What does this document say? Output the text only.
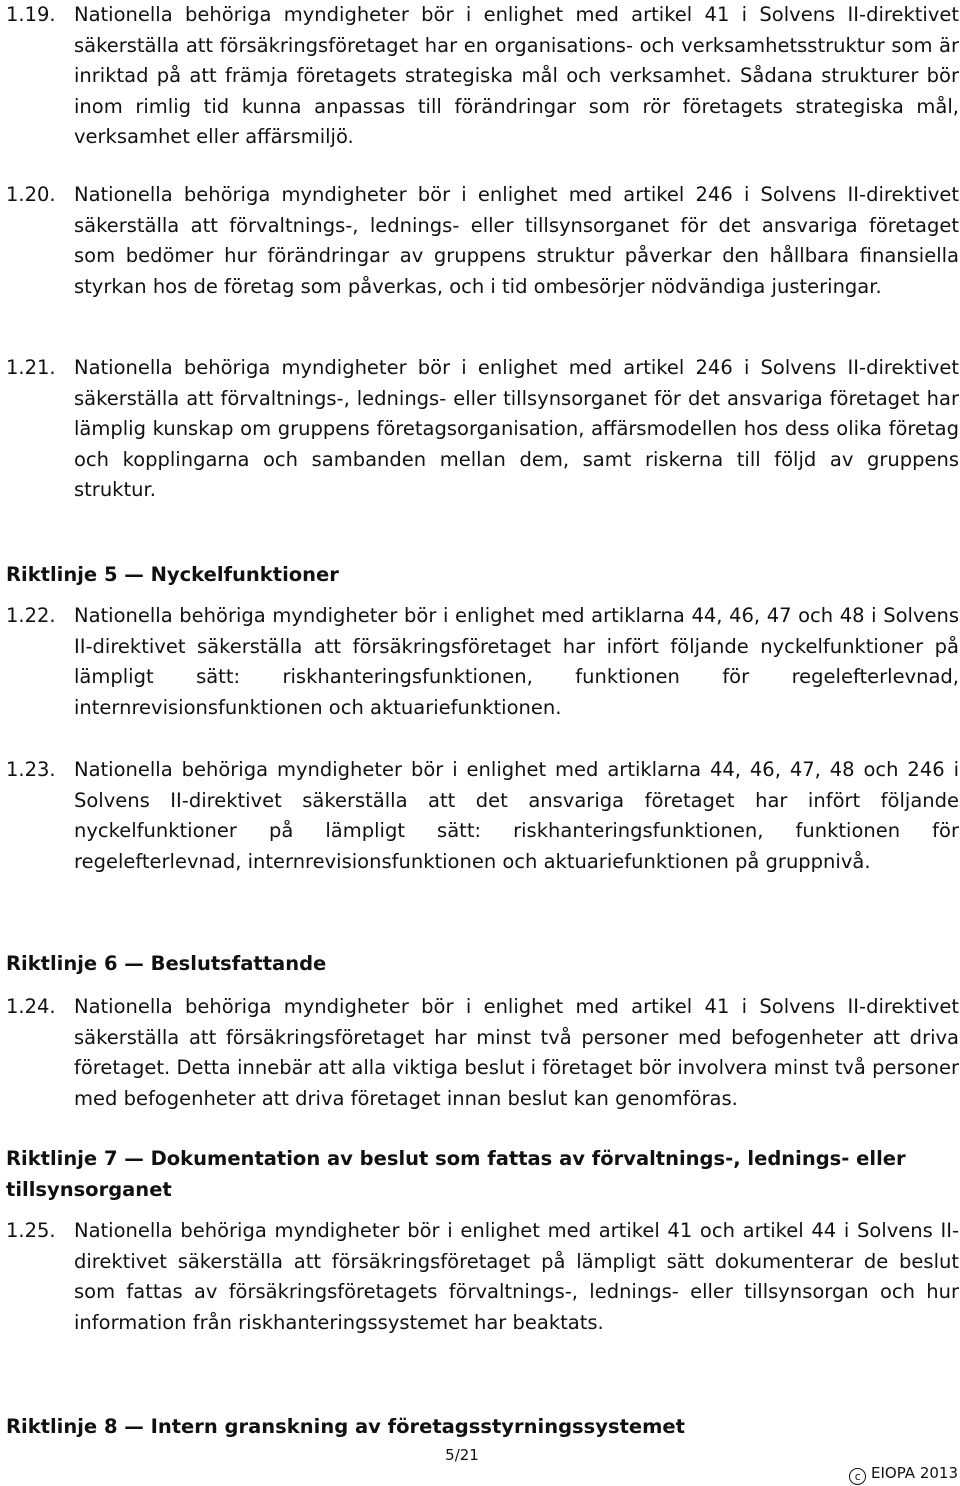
1.19. Nationella behöriga myndigheter bör i enlighet med artikel 41 i Solvens II-direktivet säkerställa att försäkringsföretaget har en organisations- och verksamhetsstruktur som är inriktad på att främja företagets strategiska mål och verksamhet. Sådana strukturer bör inom rimlig tid kunna anpassas till förändringar som rör företagets strategiska mål, verksamhet eller affärsmiljö.
1.20. Nationella behöriga myndigheter bör i enlighet med artikel 246 i Solvens II-direktivet säkerställa att förvaltnings-, lednings- eller tillsynsorganet för det ansvariga företaget som bedömer hur förändringar av gruppens struktur påverkar den hållbara finansiella styrkan hos de företag som påverkas, och i tid ombesörjer nödvändiga justeringar.
1.21. Nationella behöriga myndigheter bör i enlighet med artikel 246 i Solvens II-direktivet säkerställa att förvaltnings-, lednings- eller tillsynsorganet för det ansvariga företaget har lämplig kunskap om gruppens företagsorganisation, affärsmodellen hos dess olika företag och kopplingarna och sambanden mellan dem, samt riskerna till följd av gruppens struktur.
Riktlinje 5 — Nyckelfunktioner
1.22. Nationella behöriga myndigheter bör i enlighet med artiklarna 44, 46, 47 och 48 i Solvens II-direktivet säkerställa att försäkringsföretaget har infört följande nyckelfunktioner på lämpligt sätt: riskhanteringsfunktionen, funktionen för regelefterlevnad, internrevisionsfunktionen och aktuariefunktionen.
1.23. Nationella behöriga myndigheter bör i enlighet med artiklarna 44, 46, 47, 48 och 246 i Solvens II-direktivet säkerställa att det ansvariga företaget har infört följande nyckelfunktioner på lämpligt sätt: riskhanteringsfunktionen, funktionen för regelefterlevnad, internrevisionsfunktionen och aktuariefunktionen på gruppnivå.
Riktlinje 6 — Beslutsfattande
1.24. Nationella behöriga myndigheter bör i enlighet med artikel 41 i Solvens II-direktivet säkerställa att försäkringsföretaget har minst två personer med befogenheter att driva företaget. Detta innebär att alla viktiga beslut i företaget bör involvera minst två personer med befogenheter att driva företaget innan beslut kan genomföras.
Riktlinje 7 — Dokumentation av beslut som fattas av förvaltnings-, lednings- eller tillsynsorganet
1.25. Nationella behöriga myndigheter bör i enlighet med artikel 41 och artikel 44 i Solvens II-direktivet säkerställa att försäkringsföretaget på lämpligt sätt dokumenterar de beslut som fattas av försäkringsföretagets förvaltnings-, lednings- eller tillsynsorgan och hur information från riskhanteringssystemet har beaktats.
Riktlinje 8 — Intern granskning av företagsstyrningssystemet
5/21
c EIOPA 2013
